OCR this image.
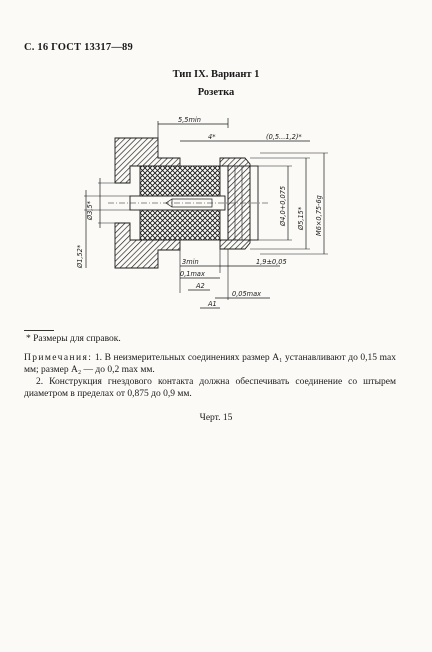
С. 16 ГОСТ 13317—89
Тип IX. Вариант 1
Розетка
5,5min
4*	(0,5...1,2)*
Ø3,5*
Ø1,52*
Ø4,0+0,075 Ø5,15* M6×0,75-6g
3min	1,9±0,05
0,1max
0,05max
A2
A1
* Размеры для справок.

Примечания: 1. В неизмерительных соединениях размер A₁ устанавливают до 0,15 max мм; размер A₂ — до 0,2 max мм.

2. Конструкция гнездового контакта должна обеспечивать соединение со штырем диаметром в пределах от 0,875 до 0,9 мм.

Черт. 15
